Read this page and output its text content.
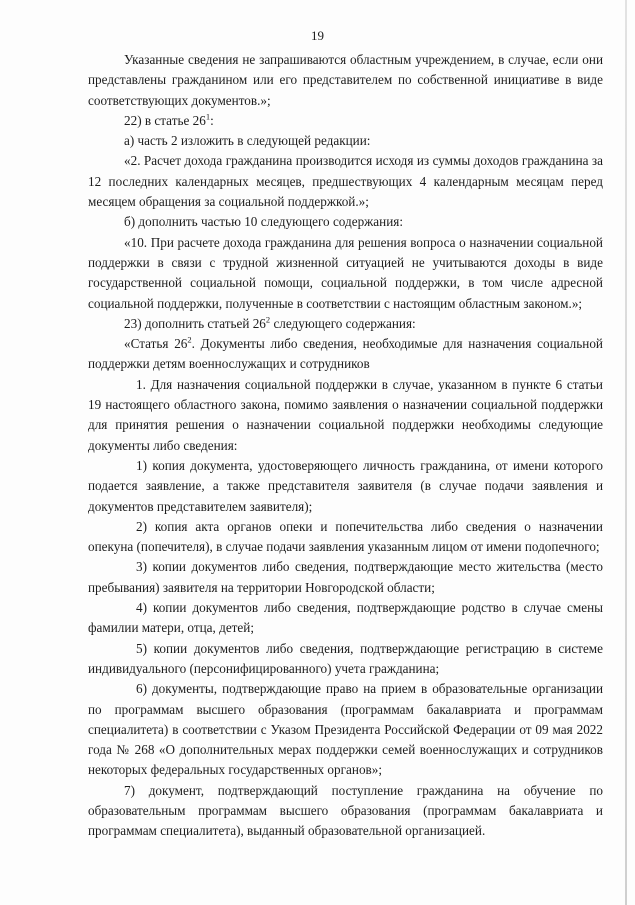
19

Указанные сведения не запрашиваются областным учреждением, в случае, если они представлены гражданином или его представителем по собственной инициативе в виде соответствующих документов.»;

22) в статье $26^1$:

а) часть 2 изложить в следующей редакции:

«2. Расчет дохода гражданина производится исходя из суммы доходов гражданина за 12 последних календарных месяцев, предшествующих 4 календарным месяцам перед месяцем обращения за социальной поддержкой.»;

б) дополнить частью 10 следующего содержания:

«10. При расчете дохода гражданина для решения вопроса о назначении социальной поддержки в связи с трудной жизненной ситуацией не учитываются доходы в виде государственной социальной помощи, социальной поддержки, в том числе адресной социальной поддержки, полученные в соответствии с настоящим областным законом.»;

23) дополнить статьей $26^2$ следующего содержания:

«Статья $26^2$. Документы либо сведения, необходимые для назначения социальной поддержки детям военнослужащих и сотрудников

1. Для назначения социальной поддержки в случае, указанном в пункте 6 статьи 19 настоящего областного закона, помимо заявления о назначении социальной поддержки для принятия решения о назначении социальной поддержки необходимы следующие документы либо сведения:

1) копия документа, удостоверяющего личность гражданина, от имени которого подается заявление, а также представителя заявителя (в случае подачи заявления и документов представителем заявителя);

2) копия акта органов опеки и попечительства либо сведения о назначении опекуна (попечителя), в случае подачи заявления указанным лицом от имени подопечного;

3) копии документов либо сведения, подтверждающие место жительства (место пребывания) заявителя на территории Новгородской области;

4) копии документов либо сведения, подтверждающие родство в случае смены фамилии матери, отца, детей;

5) копии документов либо сведения, подтверждающие регистрацию в системе индивидуального (персонифицированного) учета гражданина;

6) документы, подтверждающие право на прием в образовательные организации по программам высшего образования (программам бакалавриата и программам специалитета) в соответствии с Указом Президента Российской Федерации от 09 мая 2022 года № 268 «О дополнительных мерах поддержки семей военнослужащих и сотрудников некоторых федеральных государственных органов»;

7) документ, подтверждающий поступление гражданина на обучение по образовательным программам высшего образования (программам бакалавриата и программам специалитета), выданный образовательной организацией.
